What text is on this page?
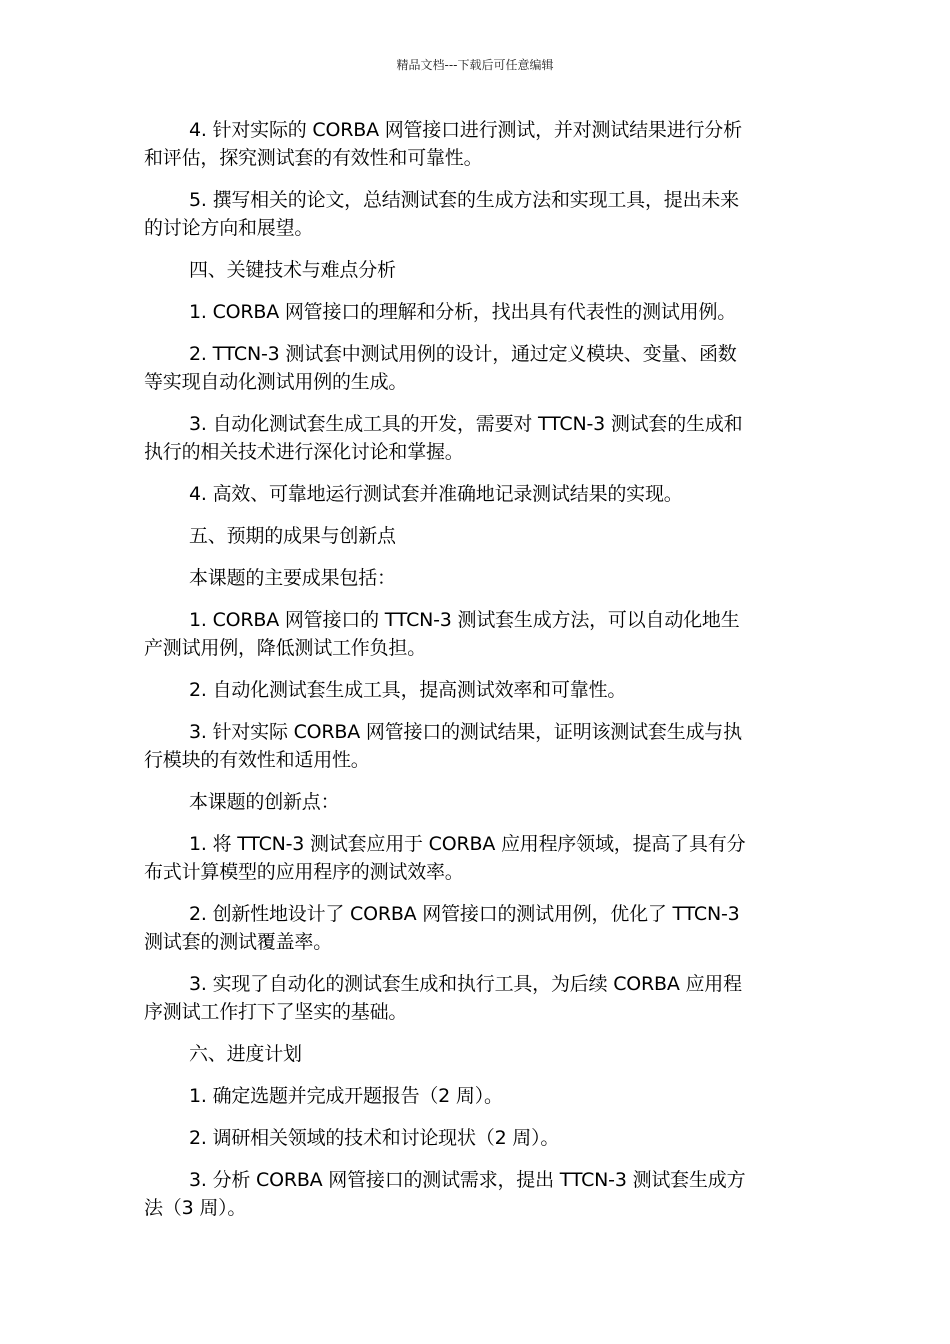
精品文档---下载后可任意编辑

4. 针对实际的 CORBA 网管接口进行测试，并对测试结果进行分析
和评估，探究测试套的有效性和可靠性。

5. 撰写相关的论文，总结测试套的生成方法和实现工具，提出未来
的讨论方向和展望。

四、关键技术与难点分析

1. CORBA 网管接口的理解和分析，找出具有代表性的测试用例。

2. TTCN-3 测试套中测试用例的设计，通过定义模块、变量、函数
等实现自动化测试用例的生成。

3. 自动化测试套生成工具的开发，需要对 TTCN-3 测试套的生成和
执行的相关技术进行深化讨论和掌握。

4. 高效、可靠地运行测试套并准确地记录测试结果的实现。

五、预期的成果与创新点

本课题的主要成果包括：

1. CORBA 网管接口的 TTCN-3 测试套生成方法，可以自动化地生
产测试用例，降低测试工作负担。

2. 自动化测试套生成工具，提高测试效率和可靠性。

3. 针对实际 CORBA 网管接口的测试结果，证明该测试套生成与执
行模块的有效性和适用性。

本课题的创新点：

1. 将 TTCN-3 测试套应用于 CORBA 应用程序领域，提高了具有分
布式计算模型的应用程序的测试效率。

2. 创新性地设计了 CORBA 网管接口的测试用例，优化了 TTCN-3
测试套的测试覆盖率。

3. 实现了自动化的测试套生成和执行工具，为后续 CORBA 应用程
序测试工作打下了坚实的基础。

六、进度计划

1. 确定选题并完成开题报告（2 周）。

2. 调研相关领域的技术和讨论现状（2 周）。

3. 分析 CORBA 网管接口的测试需求，提出 TTCN-3 测试套生成方
法（3 周）。
